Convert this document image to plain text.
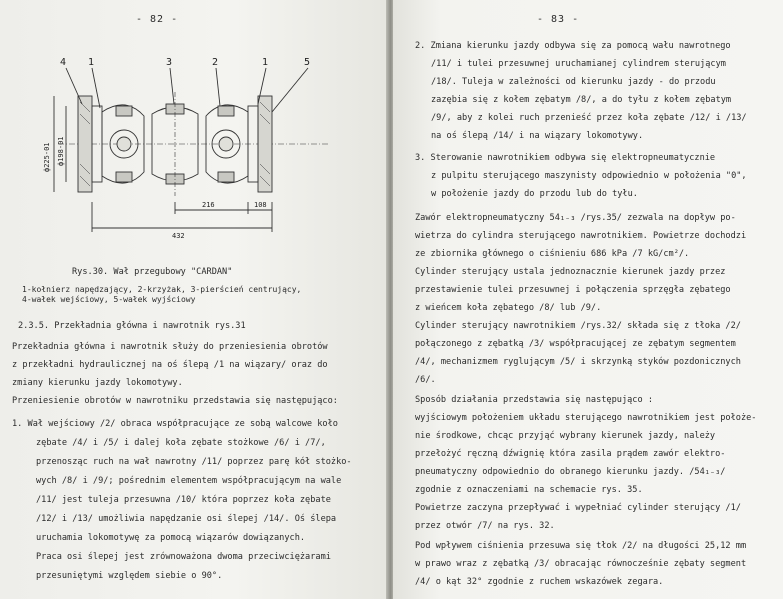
- 82 -
4 1	3	2	1	5
ф225-01 ф198-01
216	108
432
Rys.30. Wał przegubowy "CARDAN"
1-kołnierz napędzający, 2-krzyżak, 3-pierścień centrujący,
4-wałek wejściowy, 5-wałek wyjściowy
2.3.5. Przekładnia główna i nawrotnik rys.31
Przekładnia główna i nawrotnik służy do przeniesienia obrotów
z przekładni hydraulicznej na oś ślepą /1 na wiązary/ oraz do
zmiany kierunku jazdy lokomotywy.
Przeniesienie obrotów w nawrotniku przedstawia się następująco:
1. Wał wejściowy /2/ obraca współpracujące ze sobą walcowe koło
zębate /4/ i /5/ i dalej koła zębate stożkowe /6/ i /7/,
przenosząc ruch na wał nawrotny /11/ poprzez parę kół stożko-
wych /8/ i /9/; pośrednim elementem współpracującym na wale
/11/ jest tuleja przesuwna /10/ która poprzez koła zębate
/12/ i /13/ umożliwia napędzanie osi ślepej /14/. Oś ślepa
uruchamia lokomotywę za pomocą wiązarów dowiązanych.
Praca osi ślepej jest zrównoważona dwoma przeciwciężarami
przesuniętymi względem siebie o 90°.
- 83 -
2. Zmiana kierunku jazdy odbywa się za pomocą wału nawrotnego
/11/ i tulei przesuwnej uruchamianej cylindrem sterującym
/18/. Tuleja w zależności od kierunku jazdy - do przodu
zazębia się z kołem zębatym /8/, a do tyłu z kołem zębatym
/9/, aby z kolei ruch przenieść przez koła zębate /12/ i /13/
na oś ślepą /14/ i na wiązary lokomotywy.
3. Sterowanie nawrotnikiem odbywa się elektropneumatycznie
z pulpitu sterującego maszynisty odpowiednio w położenia "0",
w położenie jazdy do przodu lub do tyłu.
Zawór elektropneumatyczny 54₁₋₃ /rys.35/ zezwala na dopływ po-
wietrza do cylindra sterującego nawrotnikiem. Powietrze dochodzi
ze zbiornika głównego o ciśnieniu 686 kPa /7 kG/cm²/.
Cylinder sterujący ustala jednoznacznie kierunek jazdy przez
przestawienie tulei przesuwnej i połączenia sprzęgła zębatego
z wieńcem koła zębatego /8/ lub /9/.
Cylinder sterujący nawrotnikiem /rys.32/ składa się z tłoka /2/
połączonego z zębatką /3/ współpracującej ze zębatym segmentem
/4/, mechanizmem ryglującym /5/ i skrzynką styków pozdonicznych
/6/.
Sposób działania przedstawia się następująco :
wyjściowym położeniem układu sterującego nawrotnikiem jest położe-
nie środkowe, chcąc przyjąć wybrany kierunek jazdy, należy
przełożyć ręczną dźwignię która zasila prądem zawór elektro-
pneumatyczny odpowiednio do obranego kierunku jazdy. /54₁₋₃/
zgodnie z oznaczeniami na schemacie rys. 35.
Powietrze zaczyna przepływać i wypełniać cylinder sterujący /1/
przez otwór /7/ na rys. 32.
Pod wpływem ciśnienia przesuwa się tłok /2/ na długości 25,12 mm
w prawo wraz z zębatką /3/ obracając równocześnie zębaty segment
/4/ o kąt 32° zgodnie z ruchem wskazówek zegara.
